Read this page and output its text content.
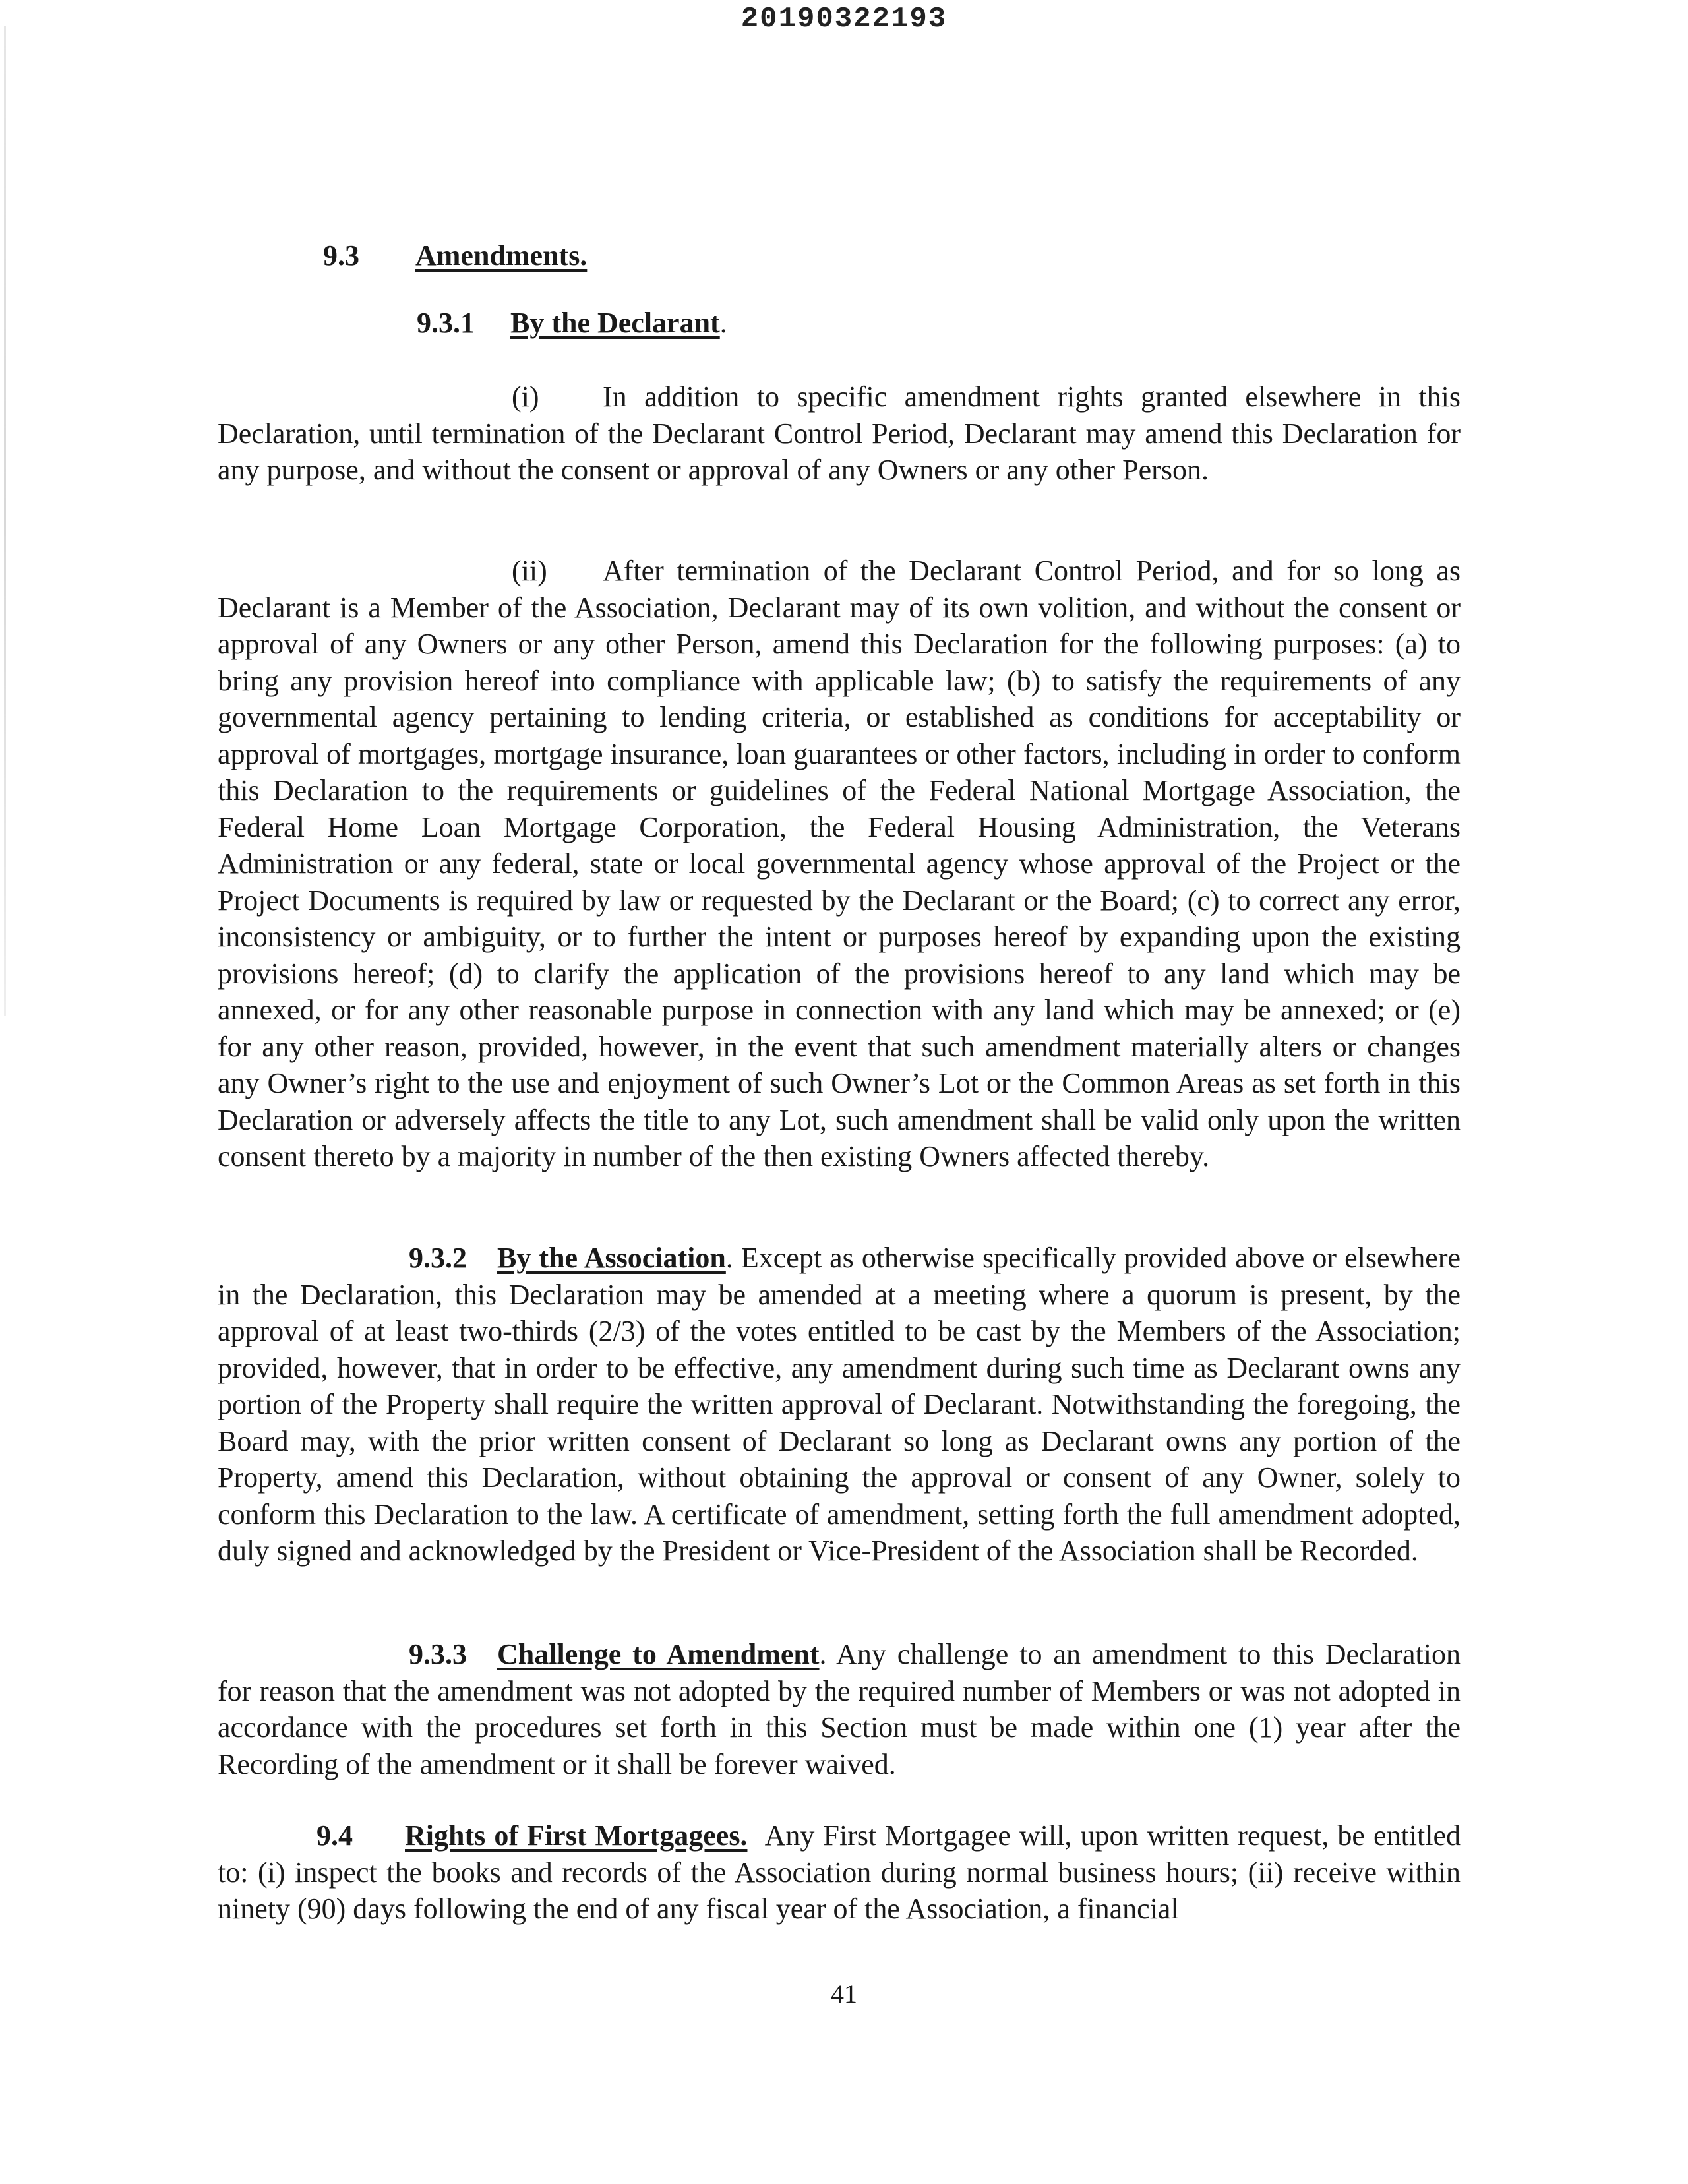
20190322193
9.3 Amendments.
9.3.1 By the Declarant.
(i) In addition to specific amendment rights granted elsewhere in this Declaration, until termination of the Declarant Control Period, Declarant may amend this Declaration for any purpose, and without the consent or approval of any Owners or any other Person.
(ii) After termination of the Declarant Control Period, and for so long as Declarant is a Member of the Association, Declarant may of its own volition, and without the consent or approval of any Owners or any other Person, amend this Declaration for the following purposes: (a) to bring any provision hereof into compliance with applicable law; (b) to satisfy the requirements of any governmental agency pertaining to lending criteria, or established as conditions for acceptability or approval of mortgages, mortgage insurance, loan guarantees or other factors, including in order to conform this Declaration to the requirements or guidelines of the Federal National Mortgage Association, the Federal Home Loan Mortgage Corporation, the Federal Housing Administration, the Veterans Administration or any federal, state or local governmental agency whose approval of the Project or the Project Documents is required by law or requested by the Declarant or the Board; (c) to correct any error, inconsistency or ambiguity, or to further the intent or purposes hereof by expanding upon the existing provisions hereof; (d) to clarify the application of the provisions hereof to any land which may be annexed, or for any other reasonable purpose in connection with any land which may be annexed; or (e) for any other reason, provided, however, in the event that such amendment materially alters or changes any Owner’s right to the use and enjoyment of such Owner’s Lot or the Common Areas as set forth in this Declaration or adversely affects the title to any Lot, such amendment shall be valid only upon the written consent thereto by a majority in number of the then existing Owners affected thereby.
9.3.2 By the Association. Except as otherwise specifically provided above or elsewhere in the Declaration, this Declaration may be amended at a meeting where a quorum is present, by the approval of at least two-thirds (2/3) of the votes entitled to be cast by the Members of the Association; provided, however, that in order to be effective, any amendment during such time as Declarant owns any portion of the Property shall require the written approval of Declarant. Notwithstanding the foregoing, the Board may, with the prior written consent of Declarant so long as Declarant owns any portion of the Property, amend this Declaration, without obtaining the approval or consent of any Owner, solely to conform this Declaration to the law. A certificate of amendment, setting forth the full amendment adopted, duly signed and acknowledged by the President or Vice-President of the Association shall be Recorded.
9.3.3 Challenge to Amendment. Any challenge to an amendment to this Declaration for reason that the amendment was not adopted by the required number of Members or was not adopted in accordance with the procedures set forth in this Section must be made within one (1) year after the Recording of the amendment or it shall be forever waived.
9.4 Rights of First Mortgagees. Any First Mortgagee will, upon written request, be entitled to: (i) inspect the books and records of the Association during normal business hours; (ii) receive within ninety (90) days following the end of any fiscal year of the Association, a financial
41
